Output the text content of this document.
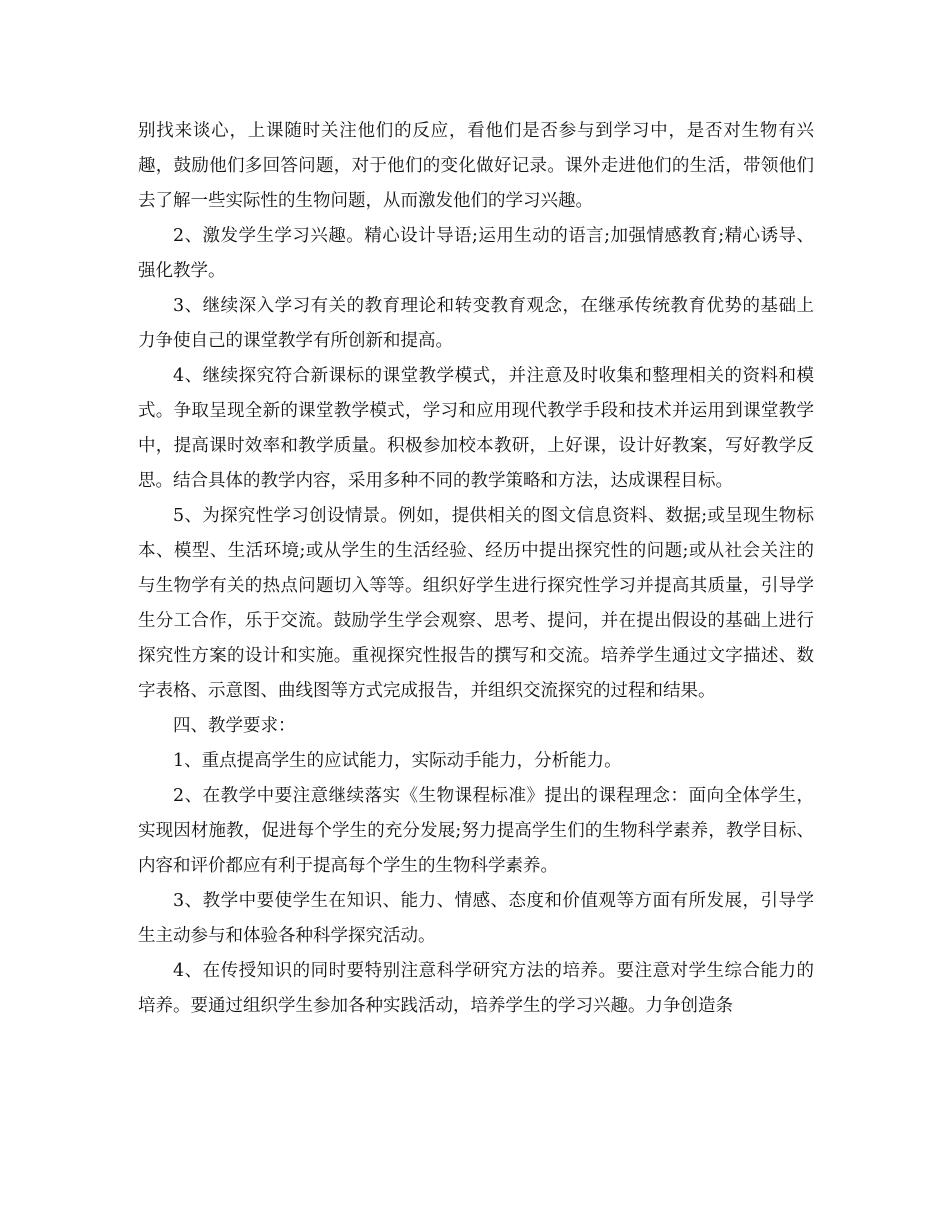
别找来谈心，上课随时关注他们的反应，看他们是否参与到学习中，是否对生物有兴趣，鼓励他们多回答问题，对于他们的变化做好记录。课外走进他们的生活，带领他们去了解一些实际性的生物问题，从而激发他们的学习兴趣。

2、激发学生学习兴趣。精心设计导语;运用生动的语言;加强情感教育;精心诱导、强化教学。

3、继续深入学习有关的教育理论和转变教育观念，在继承传统教育优势的基础上力争使自己的课堂教学有所创新和提高。

4、继续探究符合新课标的课堂教学模式，并注意及时收集和整理相关的资料和模式。争取呈现全新的课堂教学模式，学习和应用现代教学手段和技术并运用到课堂教学中，提高课时效率和教学质量。积极参加校本教研，上好课，设计好教案，写好教学反思。结合具体的教学内容，采用多种不同的教学策略和方法，达成课程目标。

5、为探究性学习创设情景。例如，提供相关的图文信息资料、数据;或呈现生物标本、模型、生活环境;或从学生的生活经验、经历中提出探究性的问题;或从社会关注的与生物学有关的热点问题切入等等。组织好学生进行探究性学习并提高其质量，引导学生分工合作，乐于交流。鼓励学生学会观察、思考、提问，并在提出假设的基础上进行探究性方案的设计和实施。重视探究性报告的撰写和交流。培养学生通过文字描述、数字表格、示意图、曲线图等方式完成报告，并组织交流探究的过程和结果。

四、教学要求：

1、重点提高学生的应试能力，实际动手能力，分析能力。

2、在教学中要注意继续落实《生物课程标准》提出的课程理念：面向全体学生，实现因材施教，促进每个学生的充分发展;努力提高学生们的生物科学素养，教学目标、内容和评价都应有利于提高每个学生的生物科学素养。

3、教学中要使学生在知识、能力、情感、态度和价值观等方面有所发展，引导学生主动参与和体验各种科学探究活动。

4、在传授知识的同时要特别注意科学研究方法的培养。要注意对学生综合能力的培养。要通过组织学生参加各种实践活动，培养学生的学习兴趣。力争创造条
